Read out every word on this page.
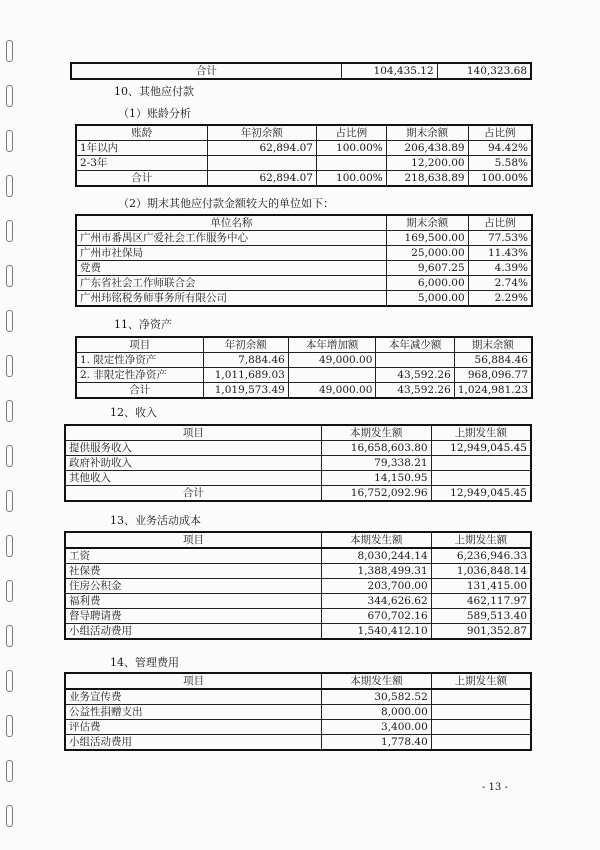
合计	104,435.12	140,323.68
10、其他应付款
（1）账龄分析
账龄	年初余额	占比例	期末余额	占比例
1年以内	62,894.07	100.00%	206,438.89	94.42%
2-3年			12,200.00	5.58%
合计	62,894.07	100.00%	218,638.89	100.00%
（2）期末其他应付款金额较大的单位如下：
单位名称	期末余额	占比例
广州市番禺区广爱社会工作服务中心	169,500.00	77.53%
广州市社保局	25,000.00	11.43%
党费	9,607.25	4.39%
广东省社会工作师联合会	6,000.00	2.74%
广州玮铭税务师事务所有限公司	5,000.00	2.29%
11、净资产
项目	年初余额	本年增加额	本年减少额	期末余额
1. 限定性净资产	7,884.46	49,000.00		56,884.46
2. 非限定性净资产	1,011,689.03		43,592.26	968,096.77
合计	1,019,573.49	49,000.00	43,592.26	1,024,981.23
12、收入
项目	本期发生额	上期发生额
提供服务收入	16,658,603.80	12,949,045.45
政府补助收入	79,338.21	
其他收入	14,150.95	
合计	16,752,092.96	12,949,045.45
13、业务活动成本
项目	本期发生额	上期发生额
工资	8,030,244.14	6,236,946.33
社保费	1,388,499.31	1,036,848.14
住房公积金	203,700.00	131,415.00
福利费	344,626.62	462,117.97
督导聘请费	670,702.16	589,513.40
小组活动费用	1,540,412.10	901,352.87
14、管理费用
项目	本期发生额	上期发生额
业务宣传费	30,582.52	
公益性捐赠支出	8,000.00	
评估费	3,400.00	
小组活动费用	1,778.40	
- 13 -
